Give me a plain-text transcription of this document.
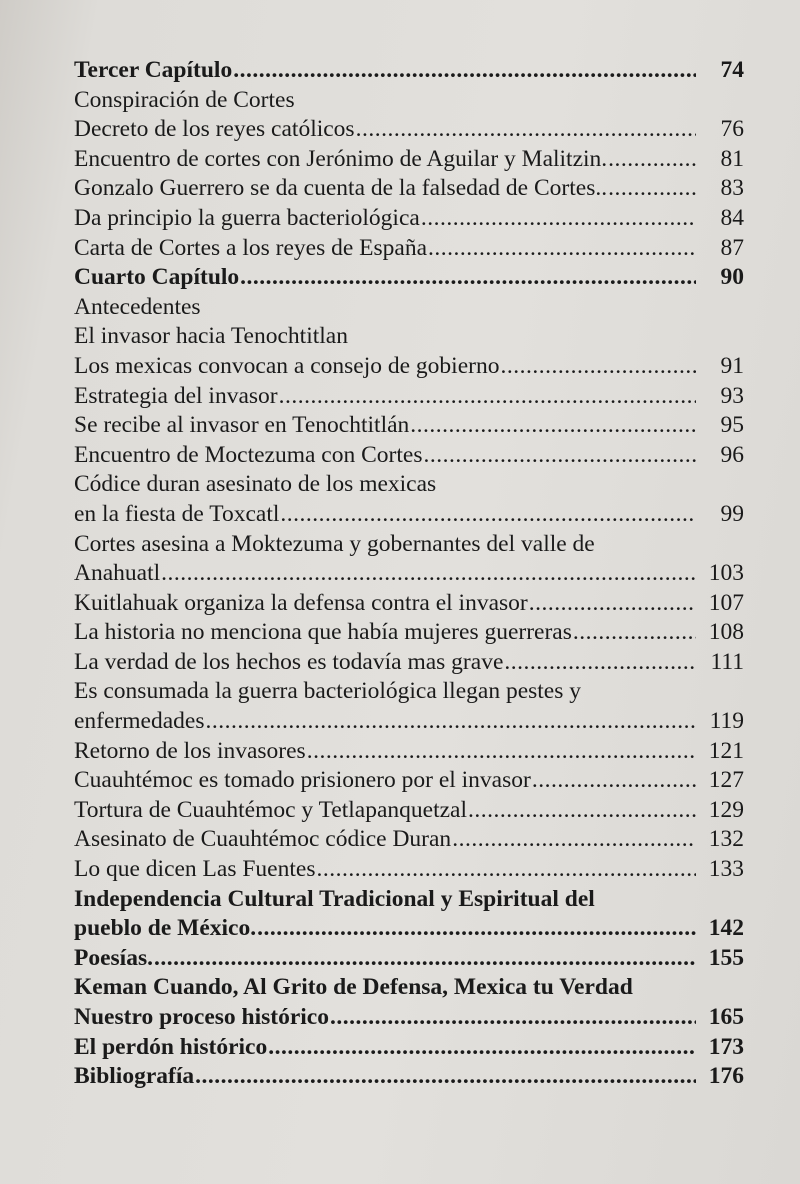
Tercer Capítulo .....	74
Conspiración de Cortes
Decreto de los reyes católicos .....	76
Encuentro de cortes con Jerónimo de Aguilar y Malitzin. .....	81
Gonzalo Guerrero se da cuenta de la falsedad de Cortes.. .....	83
Da principio la guerra bacteriológica .....	84
Carta de Cortes a los reyes de España .....	87
Cuarto Capítulo .....	90
Antecedentes
El invasor hacia Tenochtitlan
Los mexicas convocan a consejo de gobierno .....	91
Estrategia del invasor .....	93
Se recibe al invasor en Tenochtitlán .....	95
Encuentro de Moctezuma con Cortes .....	96
Códice duran asesinato de los mexicas
en la fiesta de Toxcatl .....	99
Cortes asesina a Moktezuma y gobernantes del valle de
Anahuatl .....	103
Kuitlahuak organiza la defensa contra el invasor .....	107
La historia no menciona que había mujeres guerreras .....	108
La verdad de los hechos es todavía mas grave .....	111
Es consumada la guerra bacteriológica llegan pestes y
enfermedades .....	119
Retorno de los invasores .....	121
Cuauhtémoc es tomado prisionero por el invasor .....	127
Tortura de Cuauhtémoc y Tetlapanquetzal .....	129
Asesinato de Cuauhtémoc códice Duran .....	132
Lo que dicen Las Fuentes .....	133
Independencia Cultural Tradicional y Espiritual del
pueblo de México. .....	142
Poesías. .....	155
Keman Cuando, Al Grito de Defensa, Mexica tu Verdad
Nuestro proceso histórico .....	165
El perdón histórico .....	173
Bibliografía .....	176
